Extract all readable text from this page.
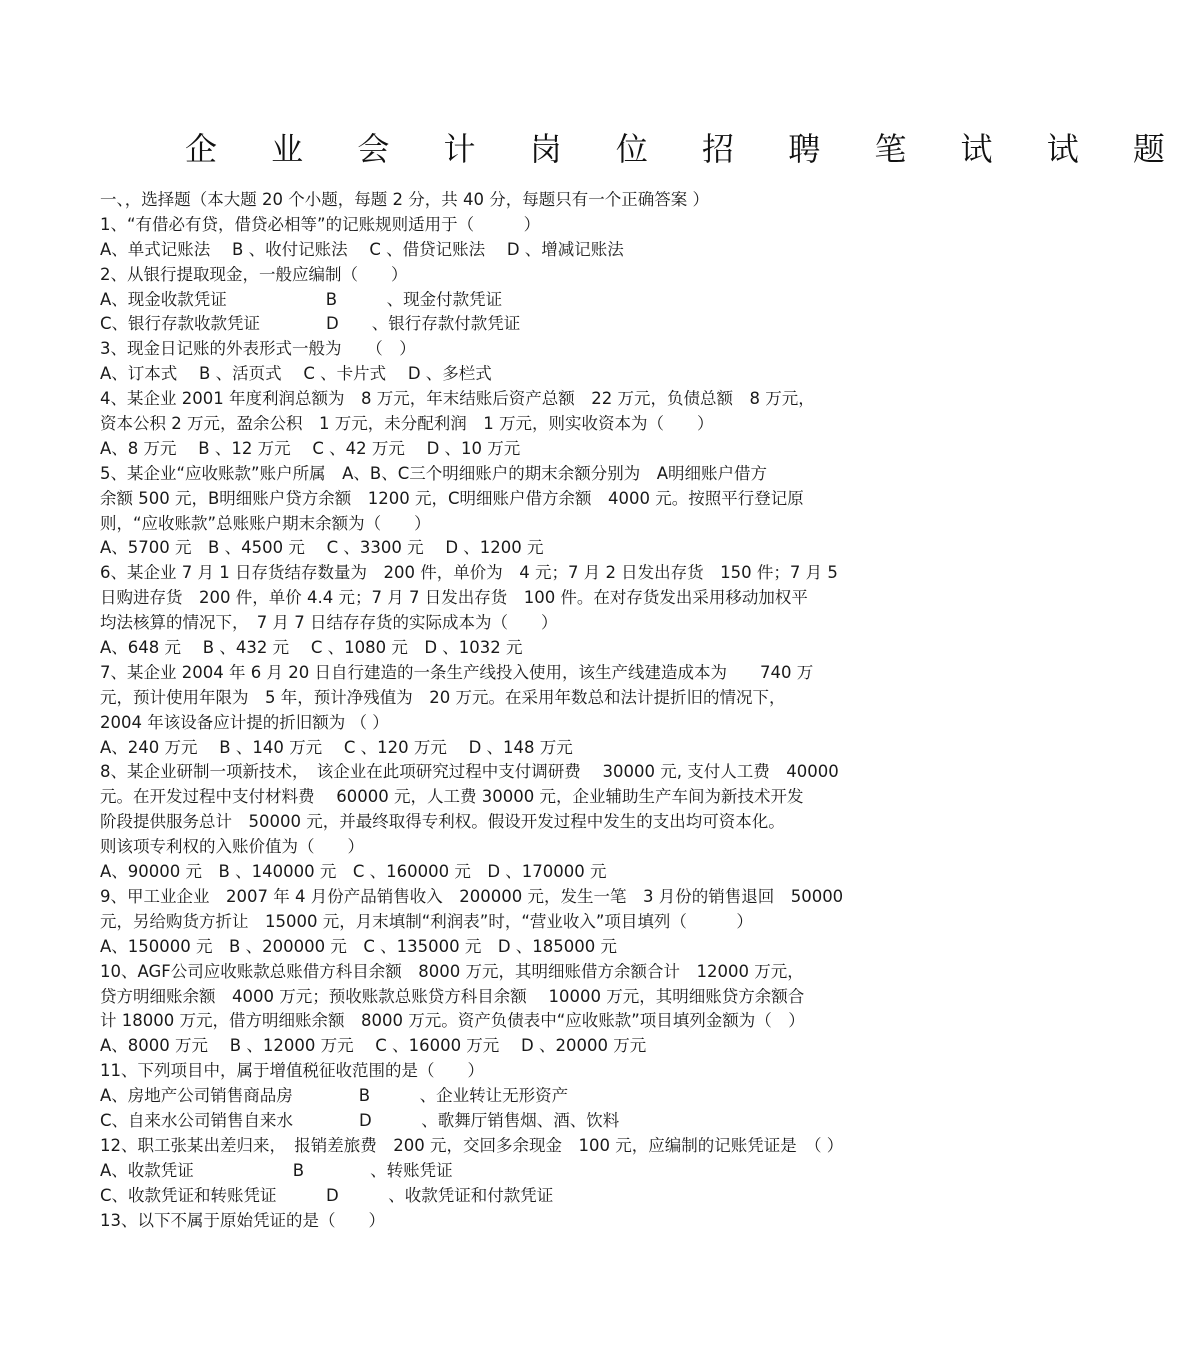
企 业 会 计 岗 位 招 聘 笔 试 试 题
一、，选择题（本大题 20 个小题，每题 2 分，共 40 分，每题只有一个正确答案 ）
1、“有借必有贷，借贷必相等”的记账规则适用于（　　　）
A、单式记账法　 B 、收付记账法　 C 、借贷记账法　 D 、增减记账法
2、从银行提取现金，一般应编制（　　）
A、现金收款凭证　　　　　　B　　　、现金付款凭证
C、银行存款收款凭证　　　　D　　、银行存款付款凭证
3、现金日记账的外表形式一般为　　（　）
A、订本式　 B 、活页式　 C 、卡片式　 D 、多栏式
4、某企业 2001 年度利润总额为　8 万元，年末结账后资产总额　22 万元，负债总额　8 万元，
资本公积 2 万元，盈余公积　1 万元，未分配利润　1 万元，则实收资本为（　　）
A、8 万元　 B 、12 万元　 C 、42 万元　 D 、10 万元
5、某企业“应收账款”账户所属　A、B、C三个明细账户的期末余额分别为　A明细账户借方
余额 500 元，B明细账户贷方余额　1200 元，C明细账户借方余额　4000 元。按照平行登记原
则，“应收账款”总账账户期末余额为（　　）
A、5700 元　B 、4500 元　 C 、3300 元　 D 、1200 元
6、某企业 7 月 1 日存货结存数量为　200 件，单价为　4 元；7 月 2 日发出存货　150 件；7 月 5
日购进存货　200 件，单价 4.4 元；7 月 7 日发出存货　100 件。在对存货发出采用移动加权平
均法核算的情况下，　7 月 7 日结存存货的实际成本为（　　）
A、648 元　 B 、432 元　 C 、1080 元　D 、1032 元
7、某企业 2004 年 6 月 20 日自行建造的一条生产线投入使用，该生产线建造成本为　　740 万
元，预计使用年限为　5 年，预计净残值为　20 万元。在采用年数总和法计提折旧的情况下，
2004 年该设备应计提的折旧额为 （ ）
A、240 万元　 B 、140 万元　 C 、120 万元　 D 、148 万元
8、某企业研制一项新技术，　该企业在此项研究过程中支付调研费　 30000 元, 支付人工费　40000
元。在开发过程中支付材料费　 60000 元，人工费 30000 元，企业辅助生产车间为新技术开发
阶段提供服务总计　50000 元，并最终取得专利权。假设开发过程中发生的支出均可资本化。
则该项专利权的入账价值为（　　）
A、90000 元　B 、140000 元　C 、160000 元　D 、170000 元
9、甲工业企业　2007 年 4 月份产品销售收入　200000 元，发生一笔　3 月份的销售退回　50000
元，另给购货方折让　15000 元，月末填制“利润表”时，“营业收入”项目填列（　　　）
A、150000 元　B 、200000 元　C 、135000 元　D 、185000 元
10、AGF公司应收账款总账借方科目余额　8000 万元，其明细账借方余额合计　12000 万元，
贷方明细账余额　4000 万元；预收账款总账贷方科目余额　 10000 万元，其明细账贷方余额合
计 18000 万元，借方明细账余额　8000 万元。资产负债表中“应收账款”项目填列金额为（　）
A、8000 万元　 B 、12000 万元　 C 、16000 万元　 D 、20000 万元
11、下列项目中，属于增值税征收范围的是（　　）
A、房地产公司销售商品房　　　　B　　　、企业转让无形资产
C、自来水公司销售自来水　　　　D　　　、歌舞厅销售烟、酒、饮料
12、职工张某出差归来，　报销差旅费　200 元，交回多余现金　100 元，应编制的记账凭证是　（ ）
A、收款凭证　　　　　　B　　　　、转账凭证
C、收款凭证和转账凭证　　　D　　　、收款凭证和付款凭证
13、以下不属于原始凭证的是（　　）
